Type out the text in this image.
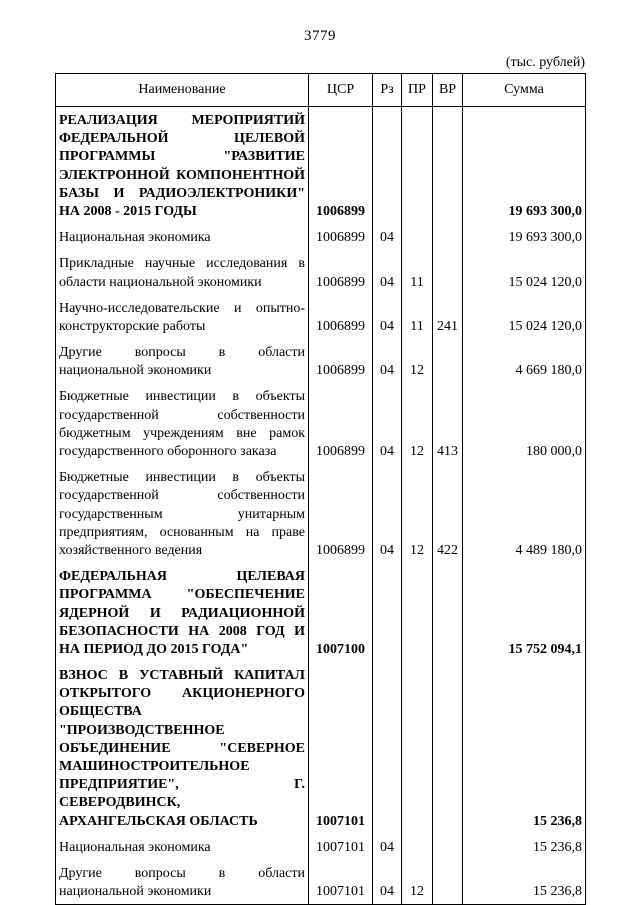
3779
(тыс. рублей)
Наименование	ЦСР	Рз	ПР	ВР	Сумма
РЕАЛИЗАЦИЯ МЕРОПРИЯТИЙ ФЕДЕРАЛЬНОЙ ЦЕЛЕВОЙ ПРОГРАММЫ "РАЗВИТИЕ ЭЛЕКТРОННОЙ КОМПОНЕНТНОЙ БАЗЫ И РАДИОЭЛЕКТРОНИКИ" НА 2008 - 2015 ГОДЫ	1006899				19 693 300,0
Национальная экономика	1006899	04			19 693 300,0
Прикладные научные исследования в области национальной экономики	1006899	04	11		15 024 120,0
Научно-исследовательские и опытно-конструкторские работы	1006899	04	11	241	15 024 120,0
Другие вопросы в области национальной экономики	1006899	04	12		4 669 180,0
Бюджетные инвестиции в объекты государственной собственности бюджетным учреждениям вне рамок государственного оборонного заказа	1006899	04	12	413	180 000,0
Бюджетные инвестиции в объекты государственной собственности государственным унитарным предприятиям, основанным на праве хозяйственного ведения	1006899	04	12	422	4 489 180,0
ФЕДЕРАЛЬНАЯ ЦЕЛЕВАЯ ПРОГРАММА "ОБЕСПЕЧЕНИЕ ЯДЕРНОЙ И РАДИАЦИОННОЙ БЕЗОПАСНОСТИ НА 2008 ГОД И НА ПЕРИОД ДО 2015 ГОДА"	1007100				15 752 094,1
ВЗНОС В УСТАВНЫЙ КАПИТАЛ ОТКРЫТОГО АКЦИОНЕРНОГО ОБЩЕСТВА "ПРОИЗВОДСТВЕННОЕ ОБЪЕДИНЕНИЕ "СЕВЕРНОЕ МАШИНОСТРОИТЕЛЬНОЕ ПРЕДПРИЯТИЕ", Г. СЕВЕРОДВИНСК, АРХАНГЕЛЬСКАЯ ОБЛАСТЬ	1007101				15 236,8
Национальная экономика	1007101	04			15 236,8
Другие вопросы в области национальной экономики	1007101	04	12		15 236,8
